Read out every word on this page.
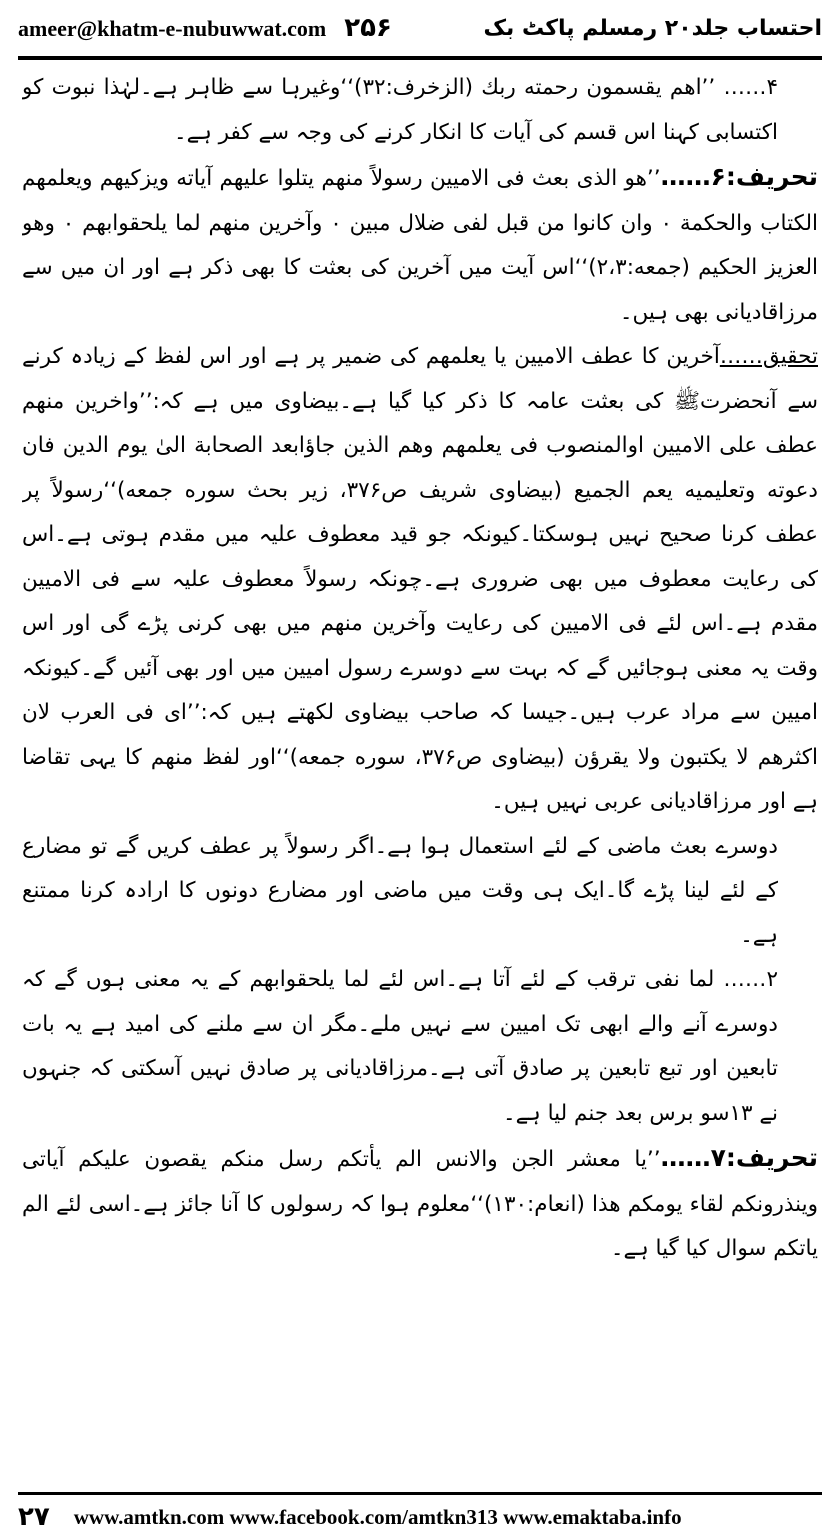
ameer@khatm-e-nubuwwat.com ۲۵۶	احتساب جلد۲۰ رمسلم پاکٹ بک

۴…… ’’اھم یقسمون رحمته ربك (الزخرف:۳۲)‘‘وغیرہا سے ظاہر ہے۔لہٰذا نبوت کو اکتسابی کہنا اس قسم کی آیات کا انکار کرنے کی وجہ سے کفر ہے۔

تحریف:۶……’’ھو الذی بعث فی الامیین رسولاً منھم یتلوا علیھم آیاته ویزکیھم ویعلمھم الکتاب والحکمة ۰ وان کانوا من قبل لفی ضلال مبین ۰ وآخرین منھم لما یلحقوابھم ۰ وھو العزیز الحکیم (جمعه:۲،۳)‘‘اس آیت میں آخرین کی بعثت کا بھی ذکر ہے اور ان میں سے مرزاقادیانی بھی ہیں۔

تحقیق……آخرین کا عطف الامیین یا یعلمھم کی ضمیر پر ہے اور اس لفظ کے زیادہ کرنے سے آنحضرتﷺ کی بعثت عامہ کا ذکر کیا گیا ہے۔بیضاوی میں ہے کہ:’’واخرین منھم عطف علی الامیین اوالمنصوب فی یعلمھم وھم الذین جاؤابعد الصحابة الیٰ یوم الدین فان دعوته وتعلیمیه یعم الجمیع (بیضاوی شریف ص۳۷۶، زیر بحث سوره جمعه)‘‘رسولاً پر عطف کرنا صحیح نہیں ہوسکتا۔کیونکہ جو قید معطوف علیہ میں مقدم ہوتی ہے۔اس کی رعایت معطوف میں بھی ضروری ہے۔چونکہ رسولاً معطوف علیہ سے فی الامیین مقدم ہے۔اس لئے فی الامیین کی رعایت وآخرین منھم میں بھی کرنی پڑے گی اور اس وقت یہ معنی ہوجائیں گے کہ بہت سے دوسرے رسول امیین میں اور بھی آئیں گے۔کیونکہ امیین سے مراد عرب ہیں۔جیسا کہ صاحب بیضاوی لکھتے ہیں کہ:’’ای فی العرب لان اکثرھم لا یکتبون ولا یقرؤن (بیضاوی ص۳۷۶، سوره جمعه)‘‘اور لفظ منھم کا یہی تقاضا ہے اور مرزاقادیانی عربی نہیں ہیں۔

دوسرے بعث ماضی کے لئے استعمال ہوا ہے۔اگر رسولاً پر عطف کریں گے تو مضارع کے لئے لینا پڑے گا۔ایک ہی وقت میں ماضی اور مضارع دونوں کا ارادہ کرنا ممتنع ہے۔

۲…… لما نفی ترقب کے لئے آتا ہے۔اس لئے لما یلحقوابھم کے یہ معنی ہوں گے کہ دوسرے آنے والے ابھی تک امیین سے نہیں ملے۔مگر ان سے ملنے کی امید ہے یہ بات تابعین اور تبع تابعین پر صادق آتی ہے۔مرزاقادیانی پر صادق نہیں آسکتی کہ جنہوں نے ۱۳سو برس بعد جنم لیا ہے۔

تحریف:۷……’’یا معشر الجن والانس الم یأتکم رسل منکم یقصون علیکم آیاتی وینذرونکم لقاء یومکم ھذا (انعام:۱۳۰)‘‘معلوم ہوا کہ رسولوں کا آنا جائز ہے۔اسی لئے الم یاتکم سوال کیا گیا ہے۔

۲۷ www.amtkn.com www.facebook.com/amtkn313 www.emaktaba.info
